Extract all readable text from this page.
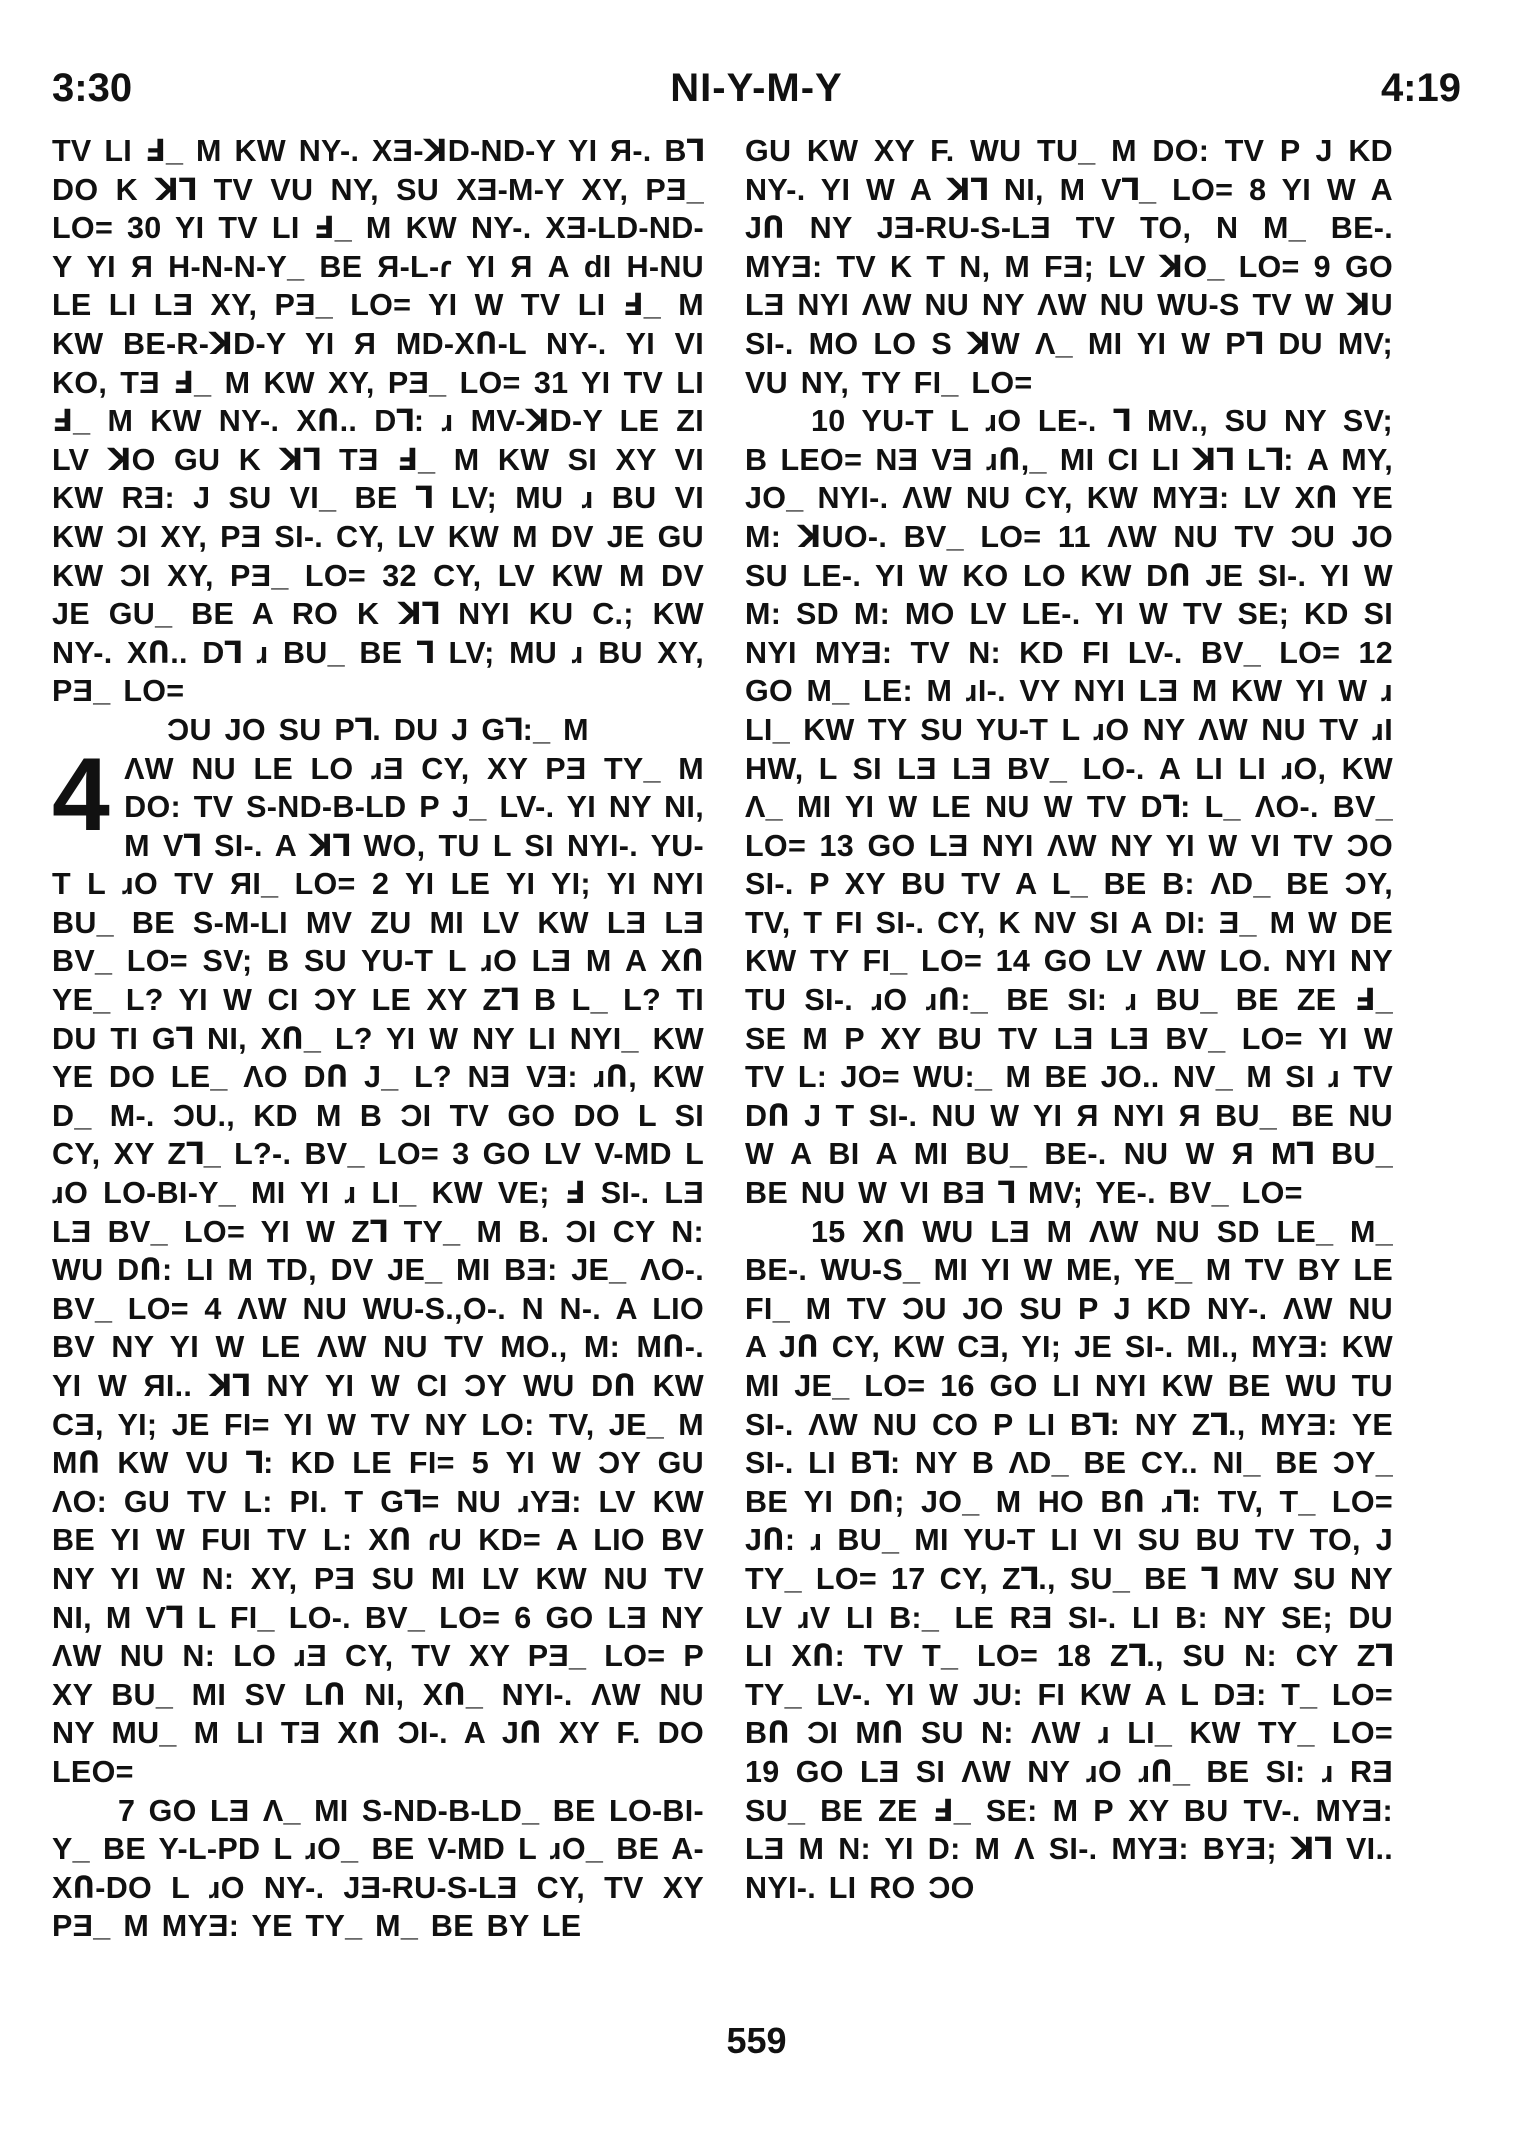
3:30	NI-Y-M-Y	4:19

TV LI Ⅎ_ M KW NY-. XƎ-ꓘD-ND-Y YI Я-. Bꓶ DO K ꓘꓶ TV VU NY, SU XƎ-M-Y XY, PƎ_ LO= 30 YI TV LI Ⅎ_ M KW NY-. XƎ-LD-ND-Y YI Я H-N-N-Y_ BE Я-L-ɾ YI Я A dI H-NU LE LI LƎ XY, PƎ_ LO= YI W TV LI Ⅎ_ M KW BE-R-ꓘD-Y YI Я MD-XՈ-L NY-. YI VI KO, TƎ Ⅎ_ M KW XY, PƎ_ LO= 31 YI TV LI Ⅎ_ M KW NY-. XՈ.. Dꓶ: ɹ MV-ꓘD-Y LE ZI LV ꓘO GU K ꓘꓶ TƎ Ⅎ_ M KW SI XY VI KW RƎ: J SU VI_ BE ꓶ LV; MU ɹ BU VI KW ƆI XY, PƎ SI-. CY, LV KW M DV JE GU KW ƆI XY, PƎ_ LO= 32 CY, LV KW M DV JE GU_ BE A RO K ꓘꓶ NYI KU C.; KW NY-. XՈ.. Dꓶ ɹ BU_ BE ꓶ LV; MU ɹ BU XY, PƎ_ LO=

ƆU JO SU Pꓶ. DU J Gꓶ:_ M

4 ΛW NU LE LO ɹƎ CY, XY PƎ TY_ M DO: TV S-ND-B-LD P J_ LV-. YI NY NI, M Vꓶ SI-. A ꓘꓶ WO, TU L SI NYI-. YU-T L ɹO TV ЯI_ LO= 2 YI LE YI YI; YI NYI BU_ BE S-M-LI MV ZU MI LV KW LƎ LƎ BV_ LO= SV; B SU YU-T L ɹO LƎ M A XՈ YE_ L? YI W CI ƆY LE XY Zꓶ B L_ L? TI DU TI Gꓶ NI, XՈ_ L? YI W NY LI NYI_ KW YE DO LE_ ΛO DՈ J_ L? NƎ VƎ: ɹՈ, KW D_ M-. ƆU., KD M B ƆI TV GO DO L SI CY, XY Zꓶ_ L?-. BV_ LO= 3 GO LV V-MD L ɹO LO-BI-Y_ MI YI ɹ LI_ KW VE; Ⅎ SI-. LƎ LƎ BV_ LO= YI W Zꓶ TY_ M B. ƆI CY N: WU DՈ: LI M TD, DV JE_ MI BƎ: JE_ ΛO-. BV_ LO= 4 ΛW NU WU-S.,O-. N N-. A LIO BV NY YI W LE ΛW NU TV MO., M: MՈ-. YI W ЯI.. ꓘꓶ NY YI W CI ƆY WU DՈ KW CƎ, YI; JE FI= YI W TV NY LO: TV, JE_ M MՈ KW VU ꓶ: KD LE FI= 5 YI W ƆY GU ΛO: GU TV L: PI. T Gꓶ= NU ɹYƎ: LV KW BE YI W FUI TV L: XՈ ɾU KD= A LIO BV NY YI W N: XY, PƎ SU MI LV KW NU TV NI, M Vꓶ L FI_ LO-. BV_ LO= 6 GO LƎ NY ΛW NU N: LO ɹƎ CY, TV XY PƎ_ LO= P XY BU_ MI SV LՈ NI, XՈ_ NYI-. ΛW NU NY MU_ M LI TƎ XՈ ƆI-. A JՈ XY F. DO LEO=

7 GO LƎ Λ_ MI S-ND-B-LD_ BE LO-BI-Y_ BE Y-L-PD L ɹO_ BE V-MD L ɹO_ BE A-XՈ-DO L ɹO NY-. JƎ-RU-S-LƎ CY, TV XY PƎ_ M MYƎ: YE TY_ M_ BE BY LE

GU KW XY F. WU TU_ M DO: TV P J KD NY-. YI W A ꓘꓶ NI, M Vꓶ_ LO= 8 YI W A JՈ NY JƎ-RU-S-LƎ TV TO, N M_ BE-. MYƎ: TV K T N, M FƎ; LV ꓘO_ LO= 9 GO LƎ NYI ΛW NU NY ΛW NU WU-S TV W ꓘU SI-. MO LO S ꓘW Λ_ MI YI W Pꓶ DU MV; VU NY, TY FI_ LO=

10 YU-T L ɹO LE-. ꓶ MV., SU NY SV; B LEO= NƎ VƎ ɹՈ,_ MI CI LI ꓘꓶ Lꓶ: A MY, JO_ NYI-. ΛW NU CY, KW MYƎ: LV XՈ YE M: ꓘUO-. BV_ LO= 11 ΛW NU TV ƆU JO SU LE-. YI W KO LO KW DՈ JE SI-. YI W M: SD M: MO LV LE-. YI W TV SE; KD SI NYI MYƎ: TV N: KD FI LV-. BV_ LO= 12 GO M_ LE: M ɹI-. VY NYI LƎ M KW YI W ɹ LI_ KW TY SU YU-T L ɹO NY ΛW NU TV ɹI HW, L SI LƎ LƎ BV_ LO-. A LI LI ɹO, KW Λ_ MI YI W LE NU W TV Dꓶ: L_ ΛO-. BV_ LO= 13 GO LƎ NYI ΛW NY YI W VI TV ƆO SI-. P XY BU TV A L_ BE B: ΛD_ BE ƆY, TV, T FI SI-. CY, K NV SI A DI: Ǝ_ M W DE KW TY FI_ LO= 14 GO LV ΛW LO. NYI NY TU SI-. ɹO ɹՈ:_ BE SI: ɹ BU_ BE ZE Ⅎ_ SE M P XY BU TV LƎ LƎ BV_ LO= YI W TV L: JO= WU:_ M BE JO.. NV_ M SI ɹ TV DՈ J T SI-. NU W YI Я NYI Я BU_ BE NU W A BI A MI BU_ BE-. NU W Я Mꓶ BU_ BE NU W VI BƎ ꓶ MV; YE-. BV_ LO=

15 XՈ WU LƎ M ΛW NU SD LE_ M_ BE-. WU-S_ MI YI W ME, YE_ M TV BY LE FI_ M TV ƆU JO SU P J KD NY-. ΛW NU A JՈ CY, KW CƎ, YI; JE SI-. MI., MYƎ: KW MI JE_ LO= 16 GO LI NYI KW BE WU TU SI-. ΛW NU CO P LI Bꓶ: NY Zꓶ., MYƎ: YE SI-. LI Bꓶ: NY B ΛD_ BE CY.. NI_ BE ƆY_ BE YI DՈ; JO_ M HO BՈ ɹꓶ: TV, T_ LO= JՈ: ɹ BU_ MI YU-T LI VI SU BU TV TO, J TY_ LO= 17 CY, Zꓶ., SU_ BE ꓶ MV SU NY LV ɹV LI B:_ LE RƎ SI-. LI B: NY SE; DU LI XՈ: TV T_ LO= 18 Zꓶ., SU N: CY Zꓶ TY_ LV-. YI W JU: FI KW A L DƎ: T_ LO= BՈ ƆI MՈ SU N: ΛW ɹ LI_ KW TY_ LO= 19 GO LƎ SI ΛW NY ɹO ɹՈ_ BE SI: ɹ RƎ SU_ BE ZE Ⅎ_ SE: M P XY BU TV-. MYƎ: LƎ M N: YI D: M Λ SI-. MYƎ: BYƎ; ꓘꓶ VI.. NYI-. LI RO ƆO

559
